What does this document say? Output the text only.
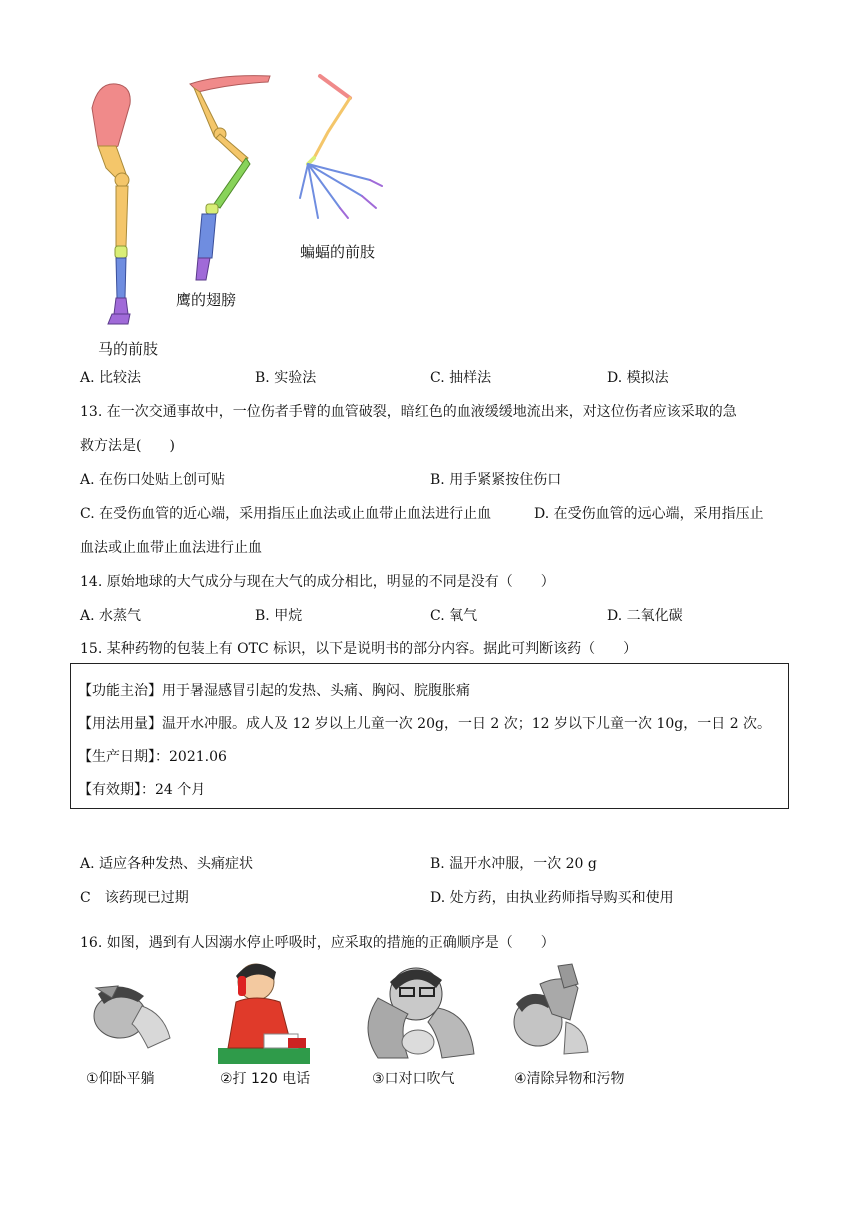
蝙蝠的前肢
鹰的翅膀
马的前肢
A. 比较法	B. 实验法	C. 抽样法	D. 模拟法
13. 在一次交通事故中，一位伤者手臂的血管破裂，暗红色的血液缓缓地流出来，对这位伤者应该采取的急
救方法是(　　)
A. 在伤口处贴上创可贴	B. 用手紧紧按住伤口
C. 在受伤血管的近心端，采用指压止血法或止血带止血法进行止血	D. 在受伤血管的远心端，采用指压止
血法或止血带止血法进行止血
14. 原始地球的大气成分与现在大气的成分相比，明显的不同是没有（　　）
A. 水蒸气	B. 甲烷	C. 氧气	D. 二氧化碳
15. 某种药物的包装上有 OTC 标识，以下是说明书的部分内容。据此可判断该药（　　）
【功能主治】用于暑湿感冒引起的发热、头痛、胸闷、脘腹胀痛
【用法用量】温开水冲服。成人及 12 岁以上儿童一次 20g，一日 2 次；12 岁以下儿童一次 10g，一日 2 次。
【生产日期】：2021.06
【有效期】：24 个月
A. 适应各种发热、头痛症状	B. 温开水冲服，一次 20 g
C　该药现已过期	D. 处方药，由执业药师指导购买和使用
16. 如图，遇到有人因溺水停止呼吸时，应采取的措施的正确顺序是（　　）
①仰卧平躺	②打 120 电话	③口对口吹气	④清除异物和污物
